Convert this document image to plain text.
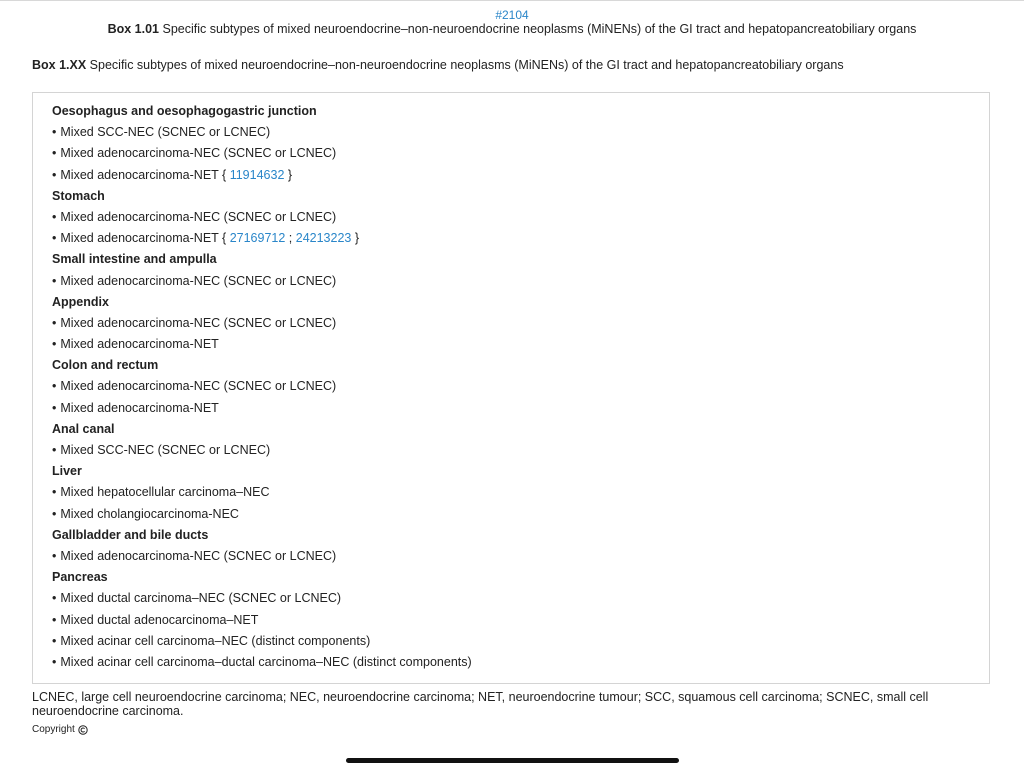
#2104
Box 1.01 Specific subtypes of mixed neuroendocrine–non-neuroendocrine neoplasms (MiNENs) of the GI tract and hepatopancreatobiliary organs
Box 1.XX Specific subtypes of mixed neuroendocrine–non-neuroendocrine neoplasms (MiNENs) of the GI tract and hepatopancreatobiliary organs
Oesophagus and oesophagogastric junction
• Mixed SCC-NEC (SCNEC or LCNEC)
• Mixed adenocarcinoma-NEC (SCNEC or LCNEC)
• Mixed adenocarcinoma-NET { 11914632 }
Stomach
• Mixed adenocarcinoma-NEC (SCNEC or LCNEC)
• Mixed adenocarcinoma-NET { 27169712 ; 24213223 }
Small intestine and ampulla
• Mixed adenocarcinoma-NEC (SCNEC or LCNEC)
Appendix
• Mixed adenocarcinoma-NEC (SCNEC or LCNEC)
• Mixed adenocarcinoma-NET
Colon and rectum
• Mixed adenocarcinoma-NEC (SCNEC or LCNEC)
• Mixed adenocarcinoma-NET
Anal canal
• Mixed SCC-NEC (SCNEC or LCNEC)
Liver
• Mixed hepatocellular carcinoma–NEC
• Mixed cholangiocarcinoma-NEC
Gallbladder and bile ducts
• Mixed adenocarcinoma-NEC (SCNEC or LCNEC)
Pancreas
• Mixed ductal carcinoma–NEC (SCNEC or LCNEC)
• Mixed ductal adenocarcinoma–NET
• Mixed acinar cell carcinoma–NEC (distinct components)
• Mixed acinar cell carcinoma–ductal carcinoma–NEC (distinct components)
LCNEC, large cell neuroendocrine carcinoma; NEC, neuroendocrine carcinoma; NET, neuroendocrine tumour; SCC, squamous cell carcinoma; SCNEC, small cell neuroendocrine carcinoma.
Copyright
